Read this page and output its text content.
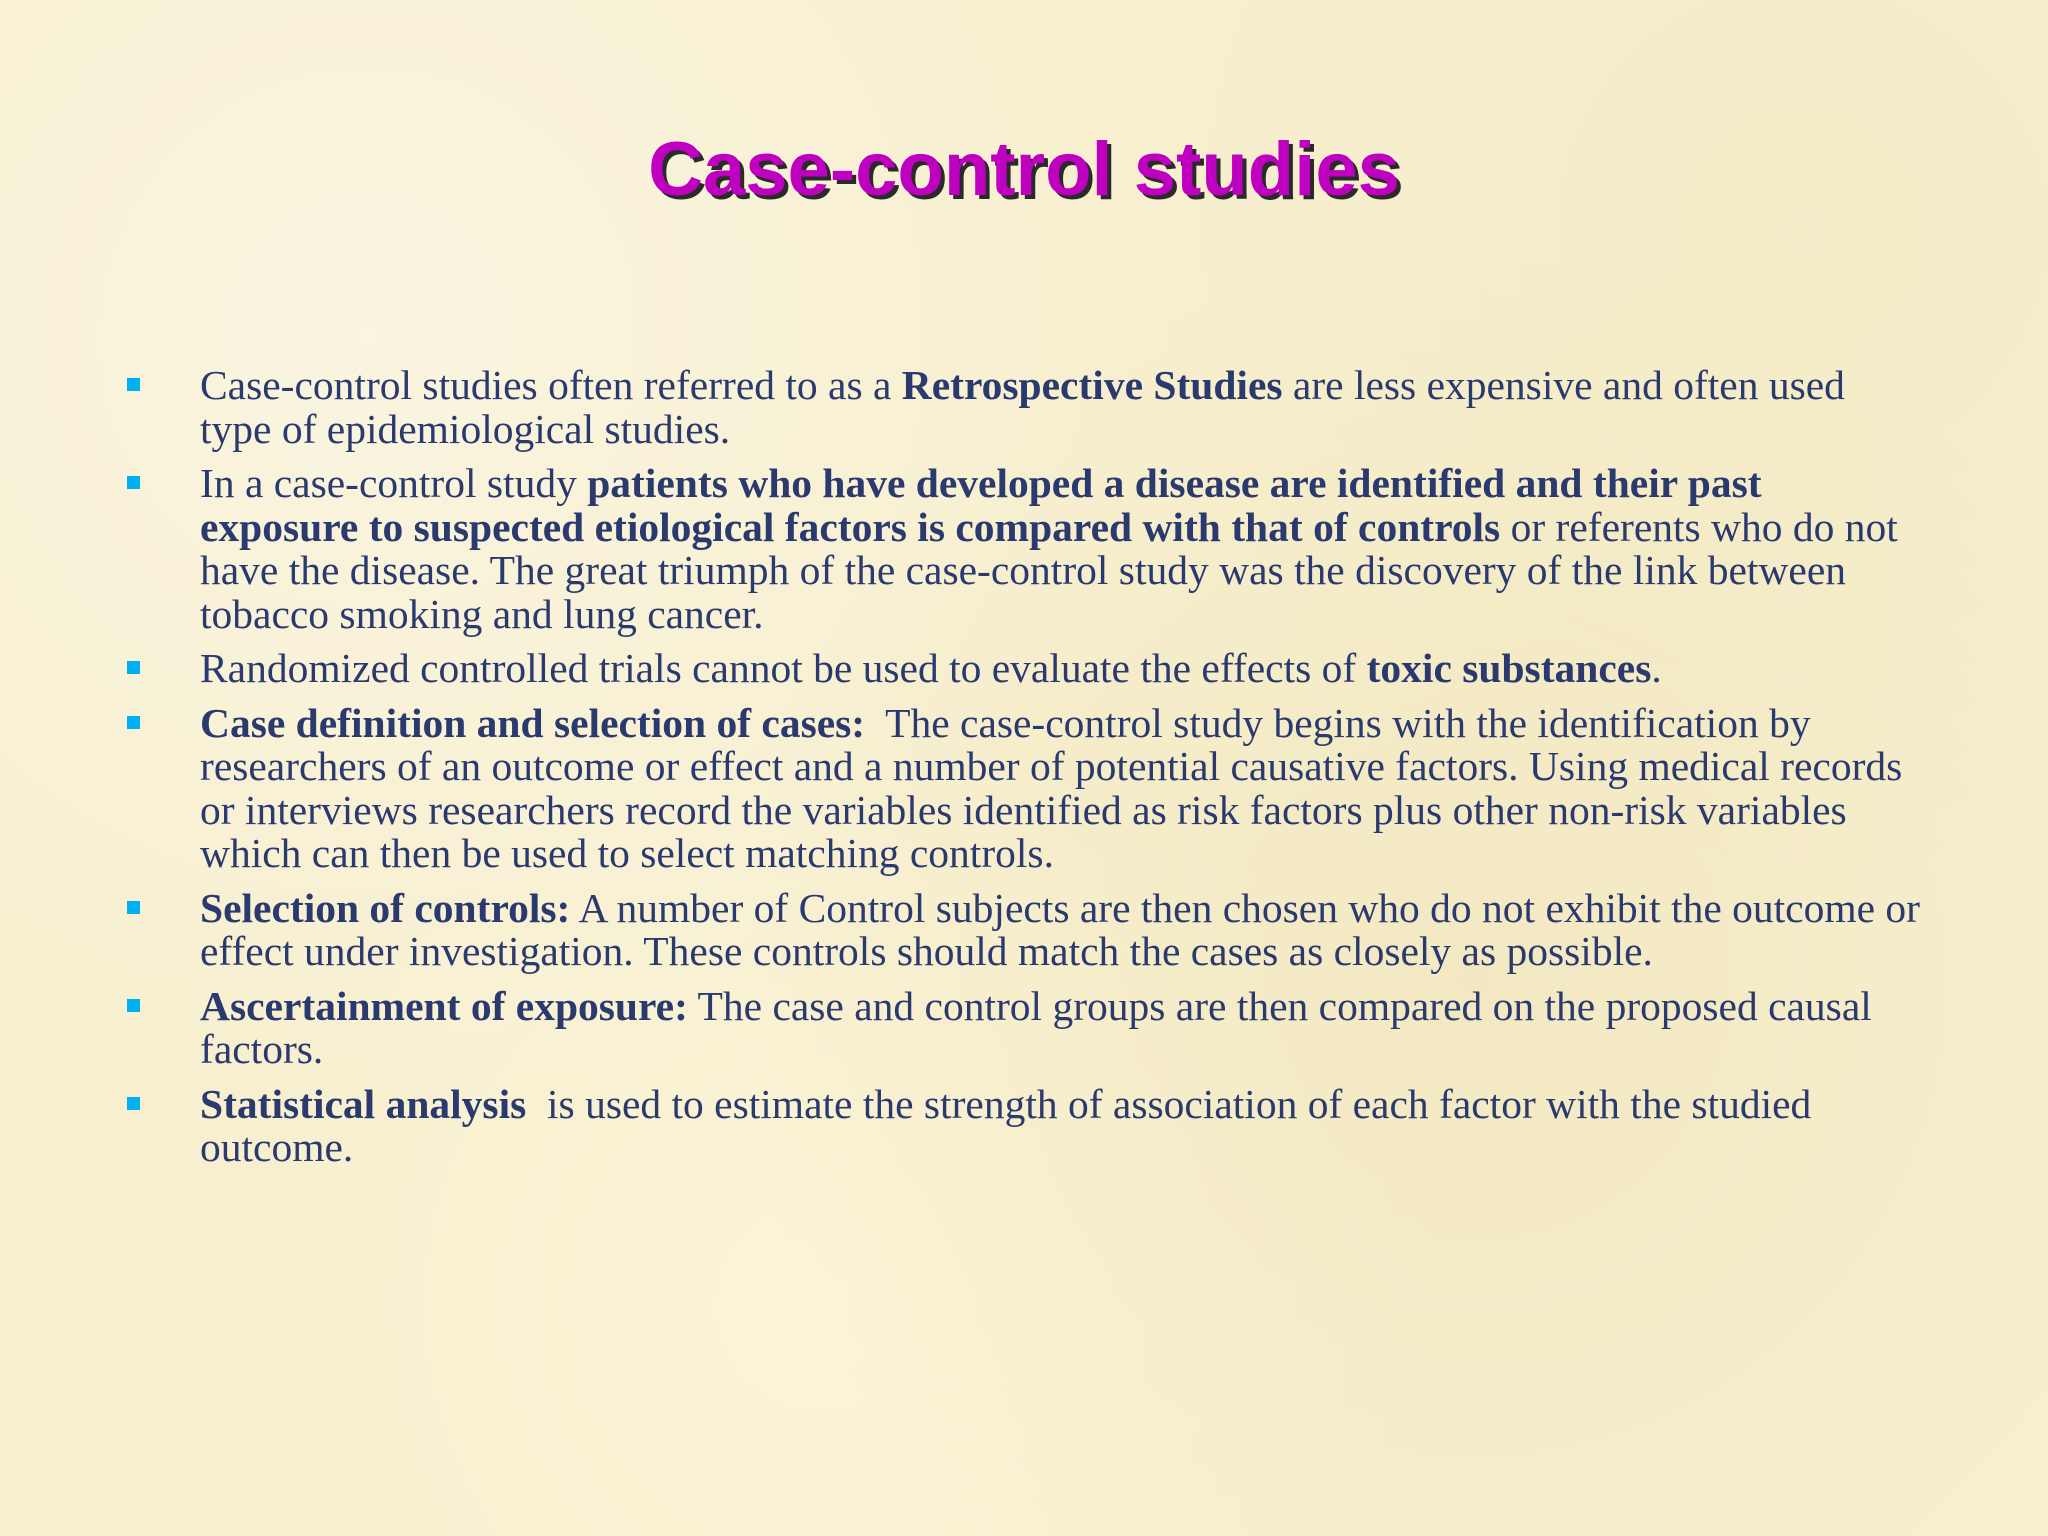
Case-control studies
Case-control studies often referred to as a Retrospective Studies are less expensive and often used type of epidemiological studies.
In a case-control study patients who have developed a disease are identified and their past exposure to suspected etiological factors is compared with that of controls or referents who do not have the disease. The great triumph of the case-control study was the discovery of the link between tobacco smoking and lung cancer.
Randomized controlled trials cannot be used to evaluate the effects of toxic substances.
Case definition and selection of cases:  The case-control study begins with the identification by researchers of an outcome or effect and a number of potential causative factors. Using medical records or interviews researchers record the variables identified as risk factors plus other non-risk variables which can then be used to select matching controls.
Selection of controls: A number of Control subjects are then chosen who do not exhibit the outcome or effect under investigation. These controls should match the cases as closely as possible.
Ascertainment of exposure: The case and control groups are then compared on the proposed causal factors.
Statistical analysis  is used to estimate the strength of association of each factor with the studied outcome.
